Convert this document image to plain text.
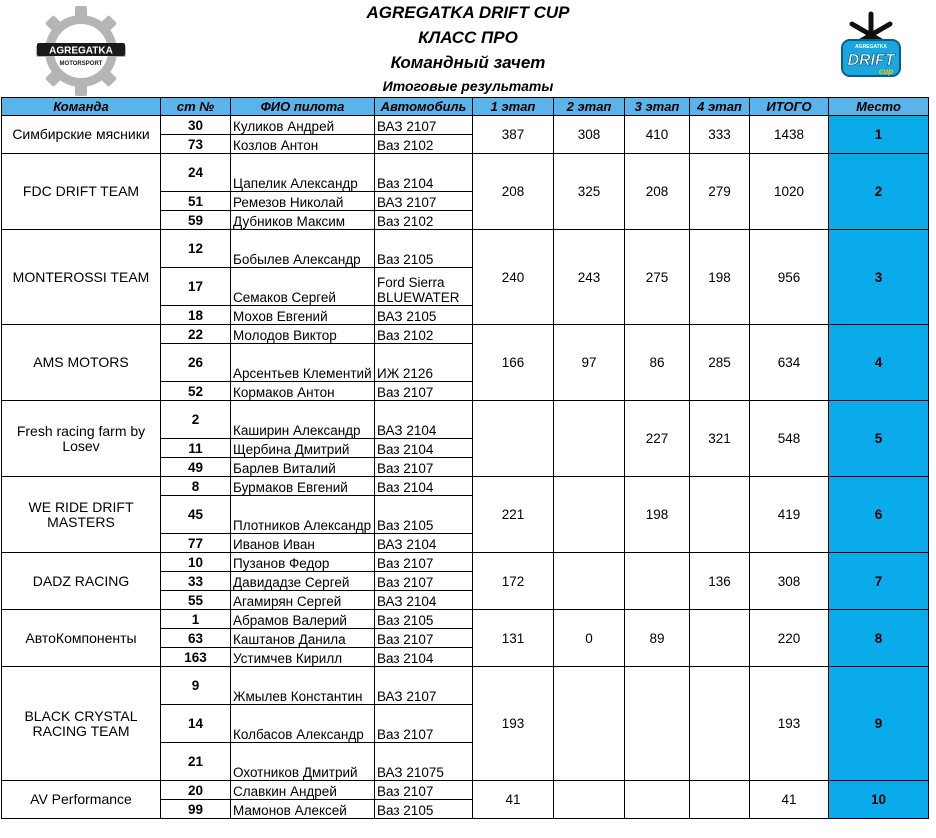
AGREGATKA DRIFT CUP
КЛАСС ПРО
Командный зачет
Итоговые результаты
AGREGATKA
MOTORSPORT
AGREGATKA
DRIFT
cup
Команда	ст №	ФИО пилота	Автомобиль	1 этап	2 этап	3 этап	4 этап	ИТОГО	Место
Симбирские мясники	30	Куликов Андрей	ВАЗ 2107	387	308	410	333	1438	1
	73	Козлов Антон	Ваз 2102						
FDC DRIFT TEAM	24	Цапелик Александр	Ваз 2104	208	325	208	279	1020	2
	51	Ремезов Николай	ВАЗ 2107						
	59	Дубников Максим	Ваз 2102						
MONTEROSSI TEAM	12	Бобылев Александр	Ваз 2105	240	243	275	198	956	3
	17	Семаков Сергей	Ford Sierra BLUEWATER						
	18	Мохов Евгений	ВАЗ 2105						
AMS MOTORS	22	Молодов Виктор	Ваз 2102	166	97	86	285	634	4
	26	Арсентьев Клементий	ИЖ 2126						
	52	Кормаков Антон	Ваз 2107						
Fresh racing farm by Losev	2	Каширин Александр	ВАЗ 2104			227	321	548	5
	11	Щербина Дмитрий	Ваз 2104						
	49	Барлев Виталий	Ваз 2107						
WE RIDE DRIFT MASTERS	8	Бурмаков Евгений	Ваз 2104	221		198		419	6
	45	Плотников Александр	Ваз 2105						
	77	Иванов Иван	ВАЗ 2104						
DADZ RACING	10	Пузанов Федор	Ваз 2107	172			136	308	7
	33	Давидадзе Сергей	Ваз 2107						
	55	Агамирян Сергей	ВАЗ 2104						
АвтоКомпоненты	1	Абрамов Валерий	Ваз 2105	131	0	89		220	8
	63	Каштанов Данила	Ваз 2107						
	163	Устимчев Кирилл	Ваз 2104						
BLACK CRYSTAL RACING TEAM	9	Жмылев Константин	ВАЗ 2107	193				193	9
	14	Колбасов Александр	Ваз 2107						
	21	Охотников Дмитрий	ВАЗ 21075						
AV Performance	20	Славкин Андрей	Ваз 2107	41				41	10
	99	Мамонов Алексей	Ваз 2105						
